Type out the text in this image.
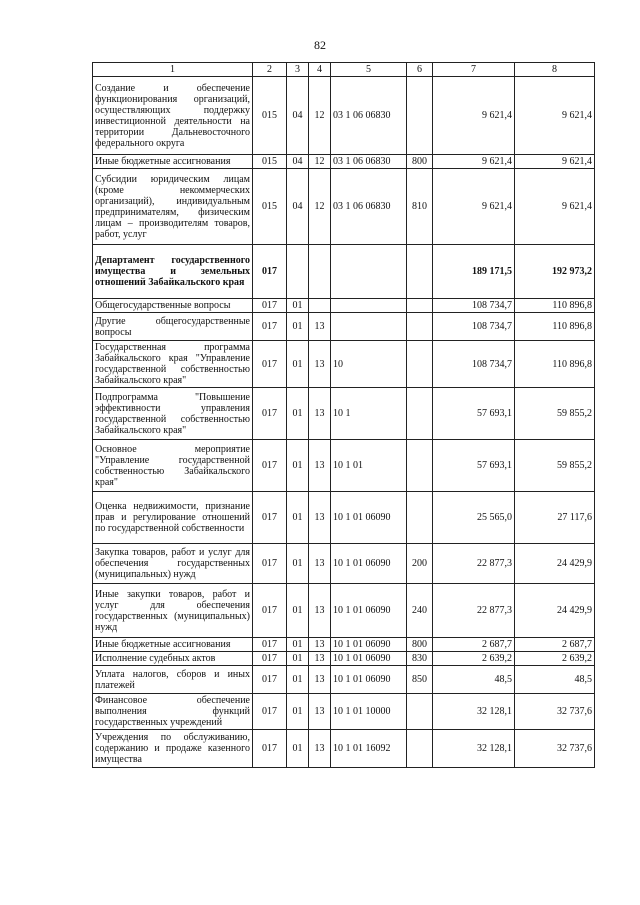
82
1	2	3	4	5	6	7	8
Создание и обеспечение функционирования организаций, осуществляющих поддержку инвестиционной деятельности на территории Дальневосточного федерального округа	015	04	12	03 1 06 06830		9 621,4	9 621,4
Иные бюджетные ассигнования	015	04	12	03 1 06 06830	800	9 621,4	9 621,4
Субсидии юридическим лицам (кроме некоммерческих организаций), индивидуальным предпринимателям, физическим лицам – производителям товаров, работ, услуг	015	04	12	03 1 06 06830	810	9 621,4	9 621,4
Департамент государственного имущества и земельных отношений Забайкальского края	017					189 171,5	192 973,2
Общегосударственные вопросы	017	01				108 734,7	110 896,8
Другие общегосударственные вопросы	017	01	13			108 734,7	110 896,8
Государственная программа Забайкальского края "Управление государственной собственностью Забайкальского края"	017	01	13	10		108 734,7	110 896,8
Подпрограмма "Повышение эффективности управления государственной собственностью Забайкальского края"	017	01	13	10 1		57 693,1	59 855,2
Основное мероприятие "Управление государственной собственностью Забайкальского края"	017	01	13	10 1 01		57 693,1	59 855,2
Оценка недвижимости, признание прав и регулирование отношений по государственной собственности	017	01	13	10 1 01 06090		25 565,0	27 117,6
Закупка товаров, работ и услуг для обеспечения государственных (муниципальных) нужд	017	01	13	10 1 01 06090	200	22 877,3	24 429,9
Иные закупки товаров, работ и услуг для обеспечения государственных (муниципальных) нужд	017	01	13	10 1 01 06090	240	22 877,3	24 429,9
Иные бюджетные ассигнования	017	01	13	10 1 01 06090	800	2 687,7	2 687,7
Исполнение судебных актов	017	01	13	10 1 01 06090	830	2 639,2	2 639,2
Уплата налогов, сборов и иных платежей	017	01	13	10 1 01 06090	850	48,5	48,5
Финансовое обеспечение выполнения функций государственных учреждений	017	01	13	10 1 01 10000		32 128,1	32 737,6
Учреждения по обслуживанию, содержанию и продаже казенного имущества	017	01	13	10 1 01 16092		32 128,1	32 737,6
